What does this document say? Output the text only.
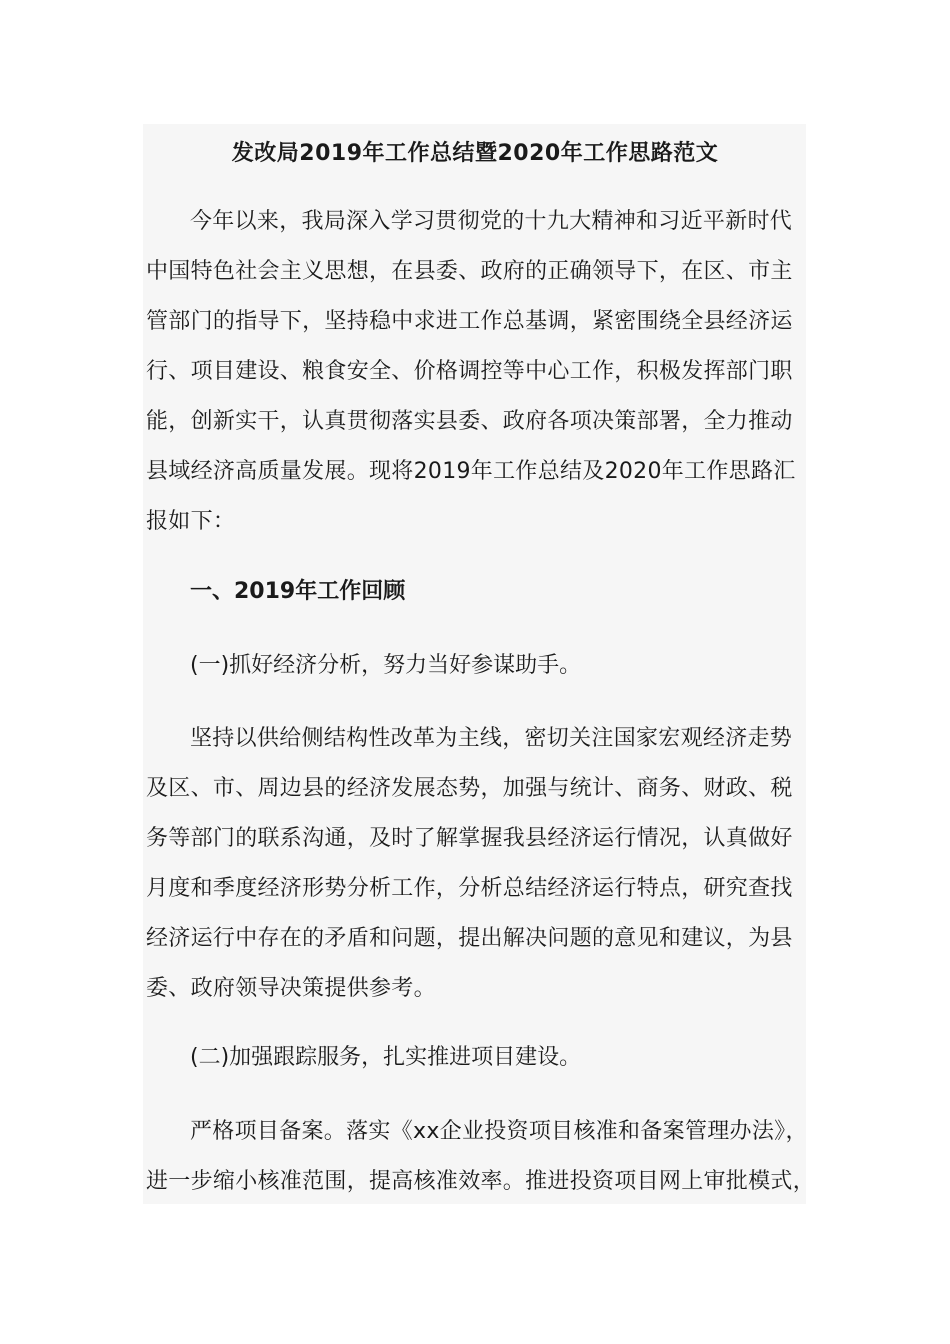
发改局2019年工作总结暨2020年工作思路范文
今年以来，我局深入学习贯彻党的十九大精神和习近平新时代
中国特色社会主义思想，在县委、政府的正确领导下，在区、市主
管部门的指导下，坚持稳中求进工作总基调，紧密围绕全县经济运
行、项目建设、粮食安全、价格调控等中心工作，积极发挥部门职
能，创新实干，认真贯彻落实县委、政府各项决策部署，全力推动
县域经济高质量发展。现将2019年工作总结及2020年工作思路汇
报如下：
一、2019年工作回顾
(一)抓好经济分析，努力当好参谋助手。
坚持以供给侧结构性改革为主线，密切关注国家宏观经济走势
及区、市、周边县的经济发展态势，加强与统计、商务、财政、税
务等部门的联系沟通，及时了解掌握我县经济运行情况，认真做好
月度和季度经济形势分析工作，分析总结经济运行特点，研究查找
经济运行中存在的矛盾和问题，提出解决问题的意见和建议，为县
委、政府领导决策提供参考。
(二)加强跟踪服务，扎实推进项目建设。
严格项目备案。落实《xx企业投资项目核准和备案管理办法》，
进一步缩小核准范围，提高核准效率。推进投资项目网上审批模式，
